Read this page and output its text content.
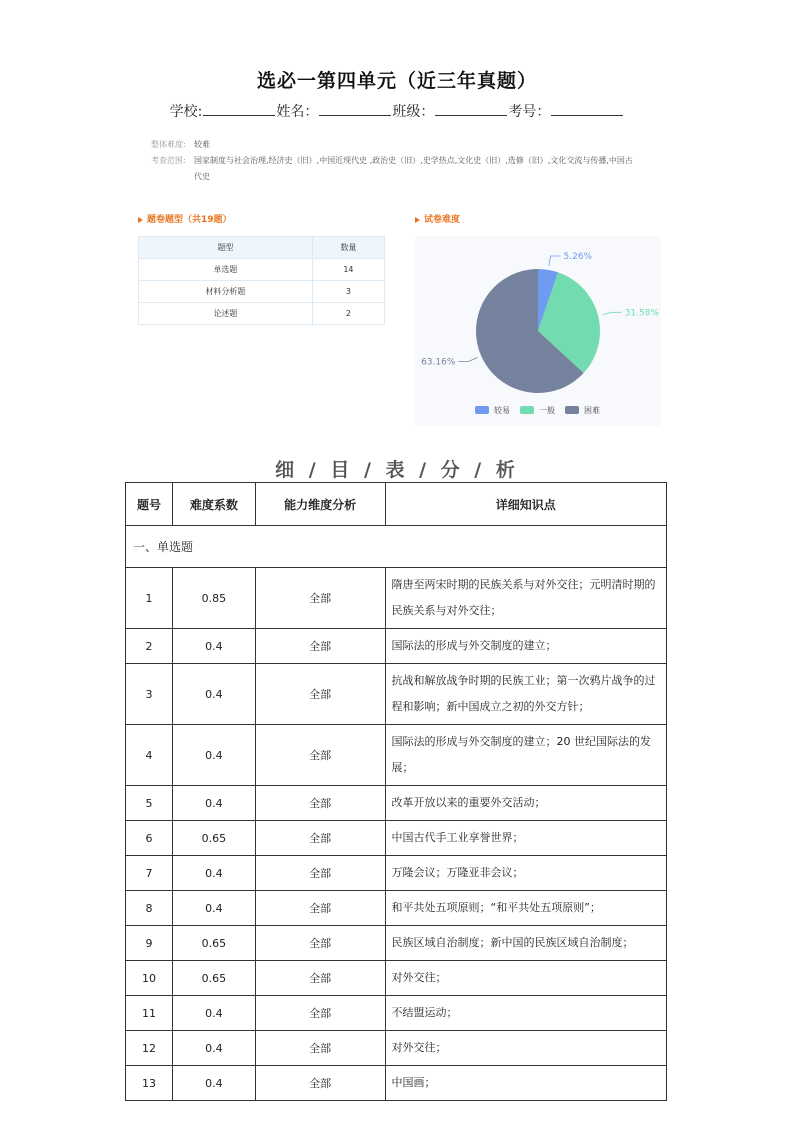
选必一第四单元（近三年真题）
学校:	姓名：	班级：	考号：
整体难度: 较难
考查范围: 国家制度与社会治理,经济史（旧）,中国近现代史 ,政治史（旧）,史学热点,文化史（旧）,选修（旧）,文化交流与传播,中国古代史
题卷题型（共19题）	试卷难度
题型	数量
单选题	14
材料分析题	3
论述题	2
5.26%
31.58%
63.16%
较易	一般	困难
细 / 目 / 表 / 分 / 析
题号	难度系数	能力维度分析	详细知识点
一、单选题			
1	0.85	全部	隋唐至两宋时期的民族关系与对外交往；元明清时期的民族关系与对外交往；
2	0.4	全部	国际法的形成与外交制度的建立；
3	0.4	全部	抗战和解放战争时期的民族工业；第一次鸦片战争的过程和影响；新中国成立之初的外交方针；
4	0.4	全部	国际法的形成与外交制度的建立；20 世纪国际法的发展；
5	0.4	全部	改革开放以来的重要外交活动；
6	0.65	全部	中国古代手工业享誉世界；
7	0.4	全部	万隆会议；万隆亚非会议；
8	0.4	全部	和平共处五项原则；“和平共处五项原则”；
9	0.65	全部	民族区域自治制度；新中国的民族区域自治制度；
10	0.65	全部	对外交往；
11	0.4	全部	不结盟运动；
12	0.4	全部	对外交往；
13	0.4	全部	中国画；
